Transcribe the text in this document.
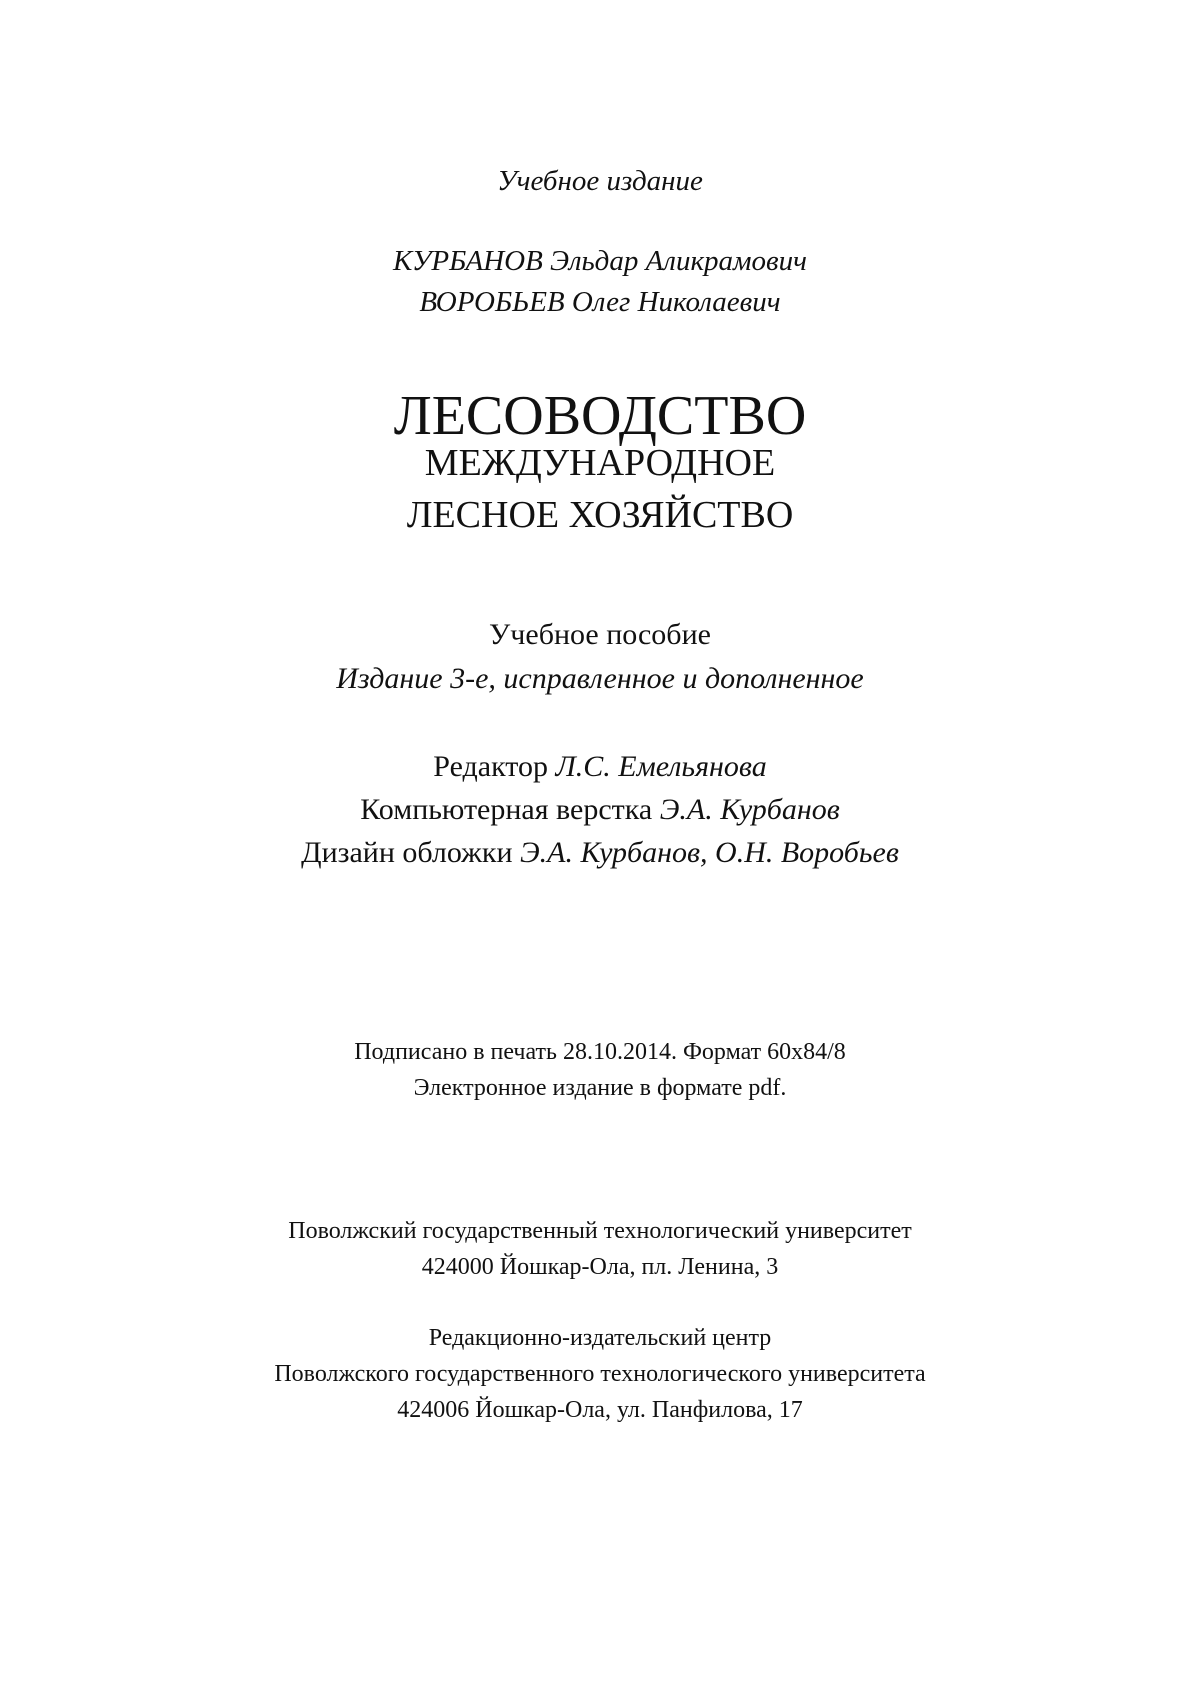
Учебное издание
КУРБАНОВ Эльдар Аликрамович
ВОРОБЬЕВ Олег Николаевич
ЛЕСОВОДСТВО
МЕЖДУНАРОДНОЕ
ЛЕСНОЕ ХОЗЯЙСТВО
Учебное пособие
Издание 3-е, исправленное и дополненное
Редактор Л.С. Емельянова
Компьютерная верстка Э.А. Курбанов
Дизайн обложки Э.А. Курбанов, О.Н. Воробьев
Подписано в печать 28.10.2014. Формат 60x84/8
Электронное издание в формате pdf.
Поволжский государственный технологический университет
424000 Йошкар-Ола, пл. Ленина, 3
Редакционно-издательский центр
Поволжского государственного технологического университета
424006 Йошкар-Ола, ул. Панфилова, 17
